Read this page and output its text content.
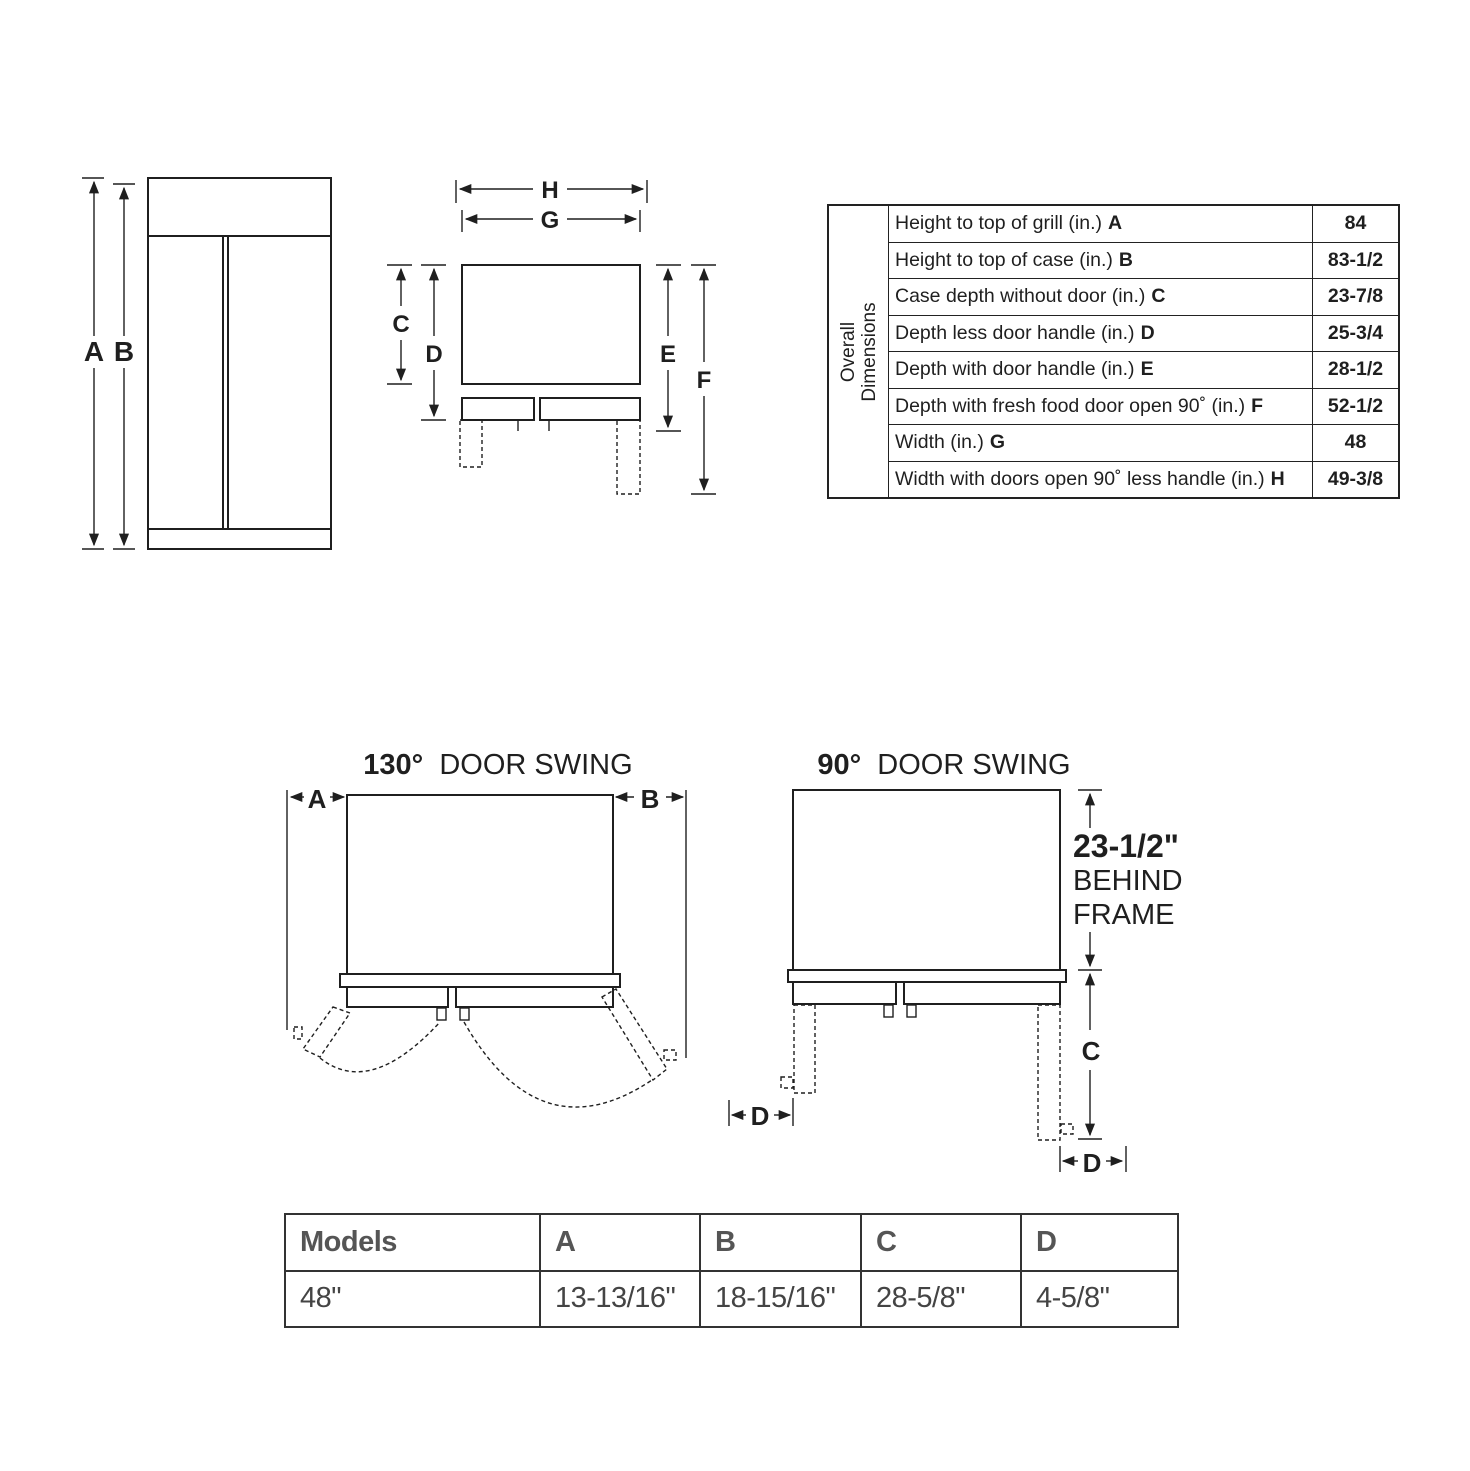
A B
H
G
C
D	E
F
130° DOOR SWING
A	B
90° DOOR SWING
23-1/2"
BEHIND
FRAME
C
D
D
Overall
Dimensions
Height to top of grill (in.) A	84
Height to top of case (in.) B	83-1/2
Case depth without door (in.) C	23-7/8
Depth less door handle (in.) D	25-3/4
Depth with door handle (in.) E	28-1/2
Depth with fresh food door open 90˚ (in.) F	52-1/2
Width (in.) G	48
Width with doors open 90˚ less handle (in.) H	49-3/8
Models	A	B	C	D
48"	13-13/16"	18-15/16"	28-5/8"	4-5/8"
